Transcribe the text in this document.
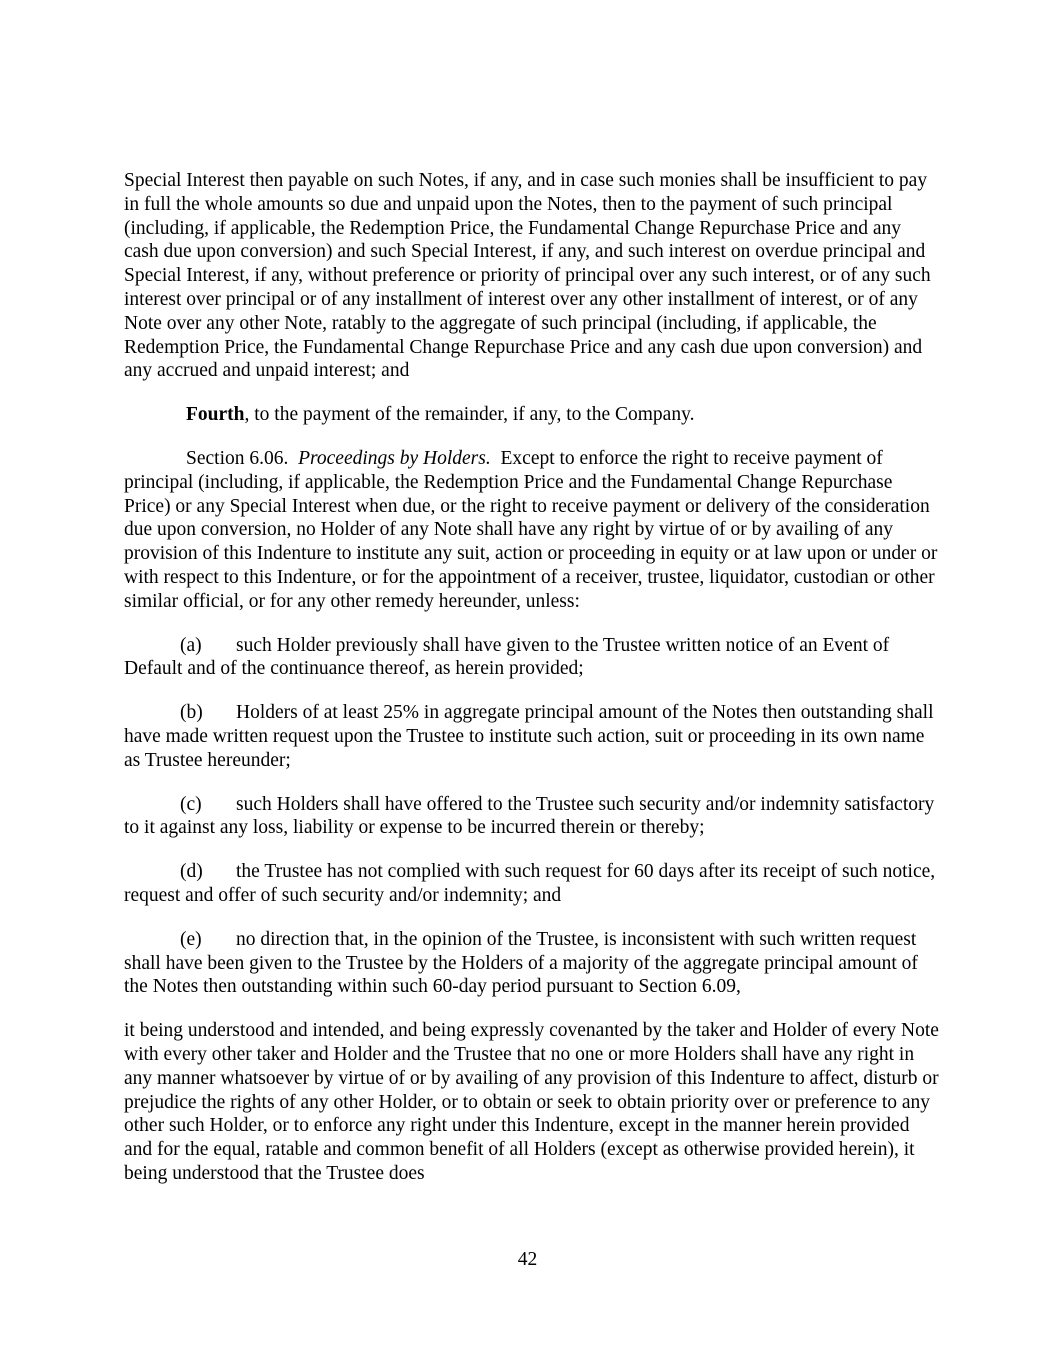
Special Interest then payable on such Notes, if any, and in case such monies shall be insufficient to pay in full the whole amounts so due and unpaid upon the Notes, then to the payment of such principal (including, if applicable, the Redemption Price, the Fundamental Change Repurchase Price and any cash due upon conversion) and such Special Interest, if any, and such interest on overdue principal and Special Interest, if any, without preference or priority of principal over any such interest, or of any such interest over principal or of any installment of interest over any other installment of interest, or of any Note over any other Note, ratably to the aggregate of such principal (including, if applicable, the Redemption Price, the Fundamental Change Repurchase Price and any cash due upon conversion) and any accrued and unpaid interest; and

Fourth, to the payment of the remainder, if any, to the Company.

Section 6.06. Proceedings by Holders. Except to enforce the right to receive payment of principal (including, if applicable, the Redemption Price and the Fundamental Change Repurchase Price) or any Special Interest when due, or the right to receive payment or delivery of the consideration due upon conversion, no Holder of any Note shall have any right by virtue of or by availing of any provision of this Indenture to institute any suit, action or proceeding in equity or at law upon or under or with respect to this Indenture, or for the appointment of a receiver, trustee, liquidator, custodian or other similar official, or for any other remedy hereunder, unless:

(a) such Holder previously shall have given to the Trustee written notice of an Event of Default and of the continuance thereof, as herein provided;

(b) Holders of at least 25% in aggregate principal amount of the Notes then outstanding shall have made written request upon the Trustee to institute such action, suit or proceeding in its own name as Trustee hereunder;

(c) such Holders shall have offered to the Trustee such security and/or indemnity satisfactory to it against any loss, liability or expense to be incurred therein or thereby;

(d) the Trustee has not complied with such request for 60 days after its receipt of such notice, request and offer of such security and/or indemnity; and

(e) no direction that, in the opinion of the Trustee, is inconsistent with such written request shall have been given to the Trustee by the Holders of a majority of the aggregate principal amount of the Notes then outstanding within such 60-day period pursuant to Section 6.09,

it being understood and intended, and being expressly covenanted by the taker and Holder of every Note with every other taker and Holder and the Trustee that no one or more Holders shall have any right in any manner whatsoever by virtue of or by availing of any provision of this Indenture to affect, disturb or prejudice the rights of any other Holder, or to obtain or seek to obtain priority over or preference to any other such Holder, or to enforce any right under this Indenture, except in the manner herein provided and for the equal, ratable and common benefit of all Holders (except as otherwise provided herein), it being understood that the Trustee does

42
